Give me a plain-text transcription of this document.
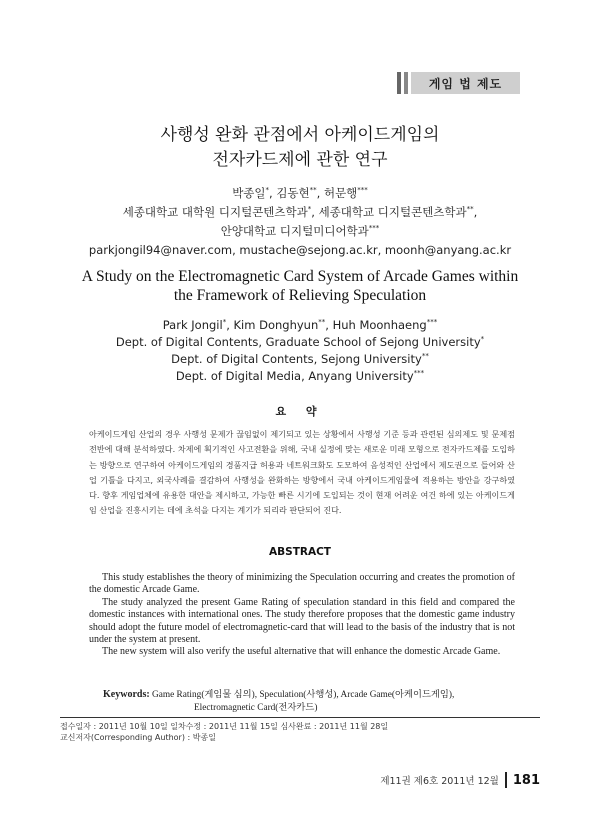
게임 법 제도
사행성 완화 관점에서 아케이드게임의
전자카드제에 관한 연구
박종일*, 김동현**, 허문행***
세종대학교 대학원 디지털콘텐츠학과*, 세종대학교 디지털콘텐츠학과**,
안양대학교 디지털미디어학과***
parkjongil94@naver.com, mustache@sejong.ac.kr, moonh@anyang.ac.kr
A Study on the Electromagnetic Card System of Arcade Games within
the Framework of Relieving Speculation
Park Jongil*, Kim Donghyun**, Huh Moonhaeng***
Dept. of Digital Contents, Graduate School of Sejong University*
Dept. of Digital Contents, Sejong University**
Dept. of Digital Media, Anyang University***
요 약
아케이드게임 산업의 경우 사행성 문제가 끊임없이 제기되고 있는 상황에서 사행성 기준 등과 관련된 심의제도 및 문제점 전반에 대해 분석하였다. 차제에 획기적인 사고전환을 위해, 국내 실정에 맞는 새로운 미래 모형으로 전자카드제를 도입하는 방향으로 연구하여 아케이드게임의 경품지급 허용과 네트워크화도 도모하여 음성적인 산업에서 제도권으로 들어와 산업 기틀을 다지고, 외국사례를 결감하여 사행성을 완화하는 방향에서 국내 아케이드게임물에 적용하는 방안을 강구하였다. 향후 게임업체에 유용한 대안을 제시하고, 가능한 빠른 시기에 도입되는 것이 현재 어려운 여건 하에 있는 아케이드게임 산업을 진흥시키는 데에 초석을 다지는 계기가 되리라 판단되어 진다.
ABSTRACT

This study establishes the theory of minimizing the Speculation occurring and creates the promotion of the domestic Arcade Game.

The study analyzed the present Game Rating of speculation standard in this field and compared the domestic instances with international ones. The study therefore proposes that the domestic game industry should adopt the future model of electromagnetic-card that will lead to the basis of the industry that is not under the system at present.

The new system will also verify the useful alternative that will enhance the domestic Arcade Game.

Keywords: Game Rating(게임물 심의), Speculation(사행성), Arcade Game(아케이드게임),
Electromagnetic Card(전자카드)
접수일자 : 2011년 10월 10일 일차수정 : 2011년 11월 15일 심사완료 : 2011년 11월 28일
교신저자(Corresponding Author) : 박종일
제11권 제6호 2011년 12월 181
